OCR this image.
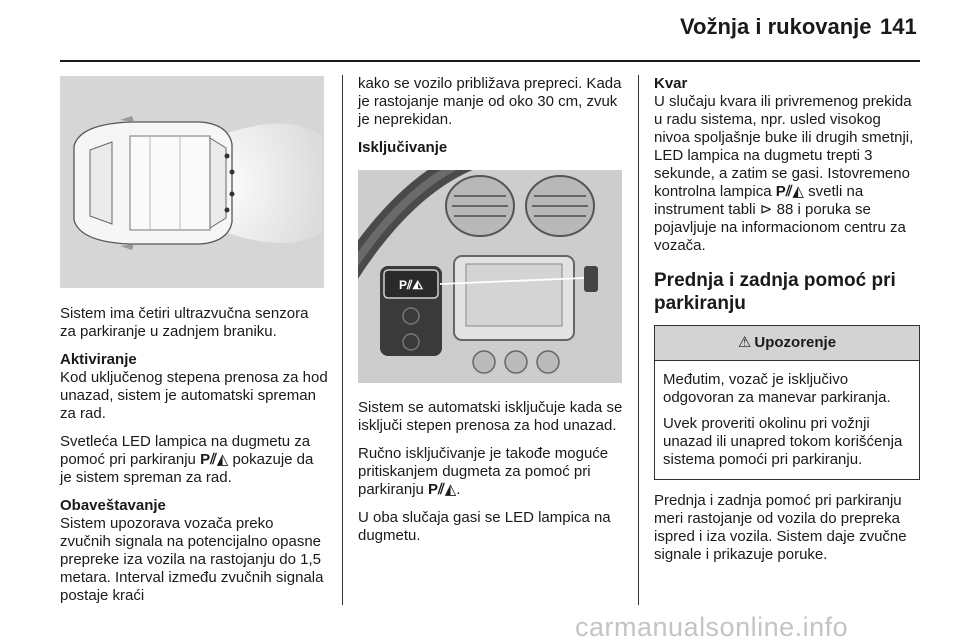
Vožnja i rukovanje 141

Sistem ima četiri ultrazvučna senzora za parkiranje u zadnjem braniku.

Aktiviranje

Kod uključenog stepena prenosa za hod unazad, sistem je automatski spreman za rad.

Svetleća LED lampica na dugmetu za pomoć pri parkiranju P⫽◭ pokazuje da je sistem spreman za rad.

Obaveštavanje

Sistem upozorava vozača preko zvučnih signala na potencijalno opasne prepreke iza vozila na rastojanju do 1,5 metara. Interval između zvučnih signala postaje kraći

kako se vozilo približava prepreci. Kada je rastojanje manje od oko 30 cm, zvuk je neprekidan.

Isključivanje
P⫽◭

Sistem se automatski isključuje kada se isključi stepen prenosa za hod unazad.

Ručno isključivanje je takođe moguće pritiskanjem dugmeta za pomoć pri parkiranju P⫽◭.

U oba slučaja gasi se LED lampica na dugmetu.

Kvar

U slučaju kvara ili privremenog prekida u radu sistema, npr. usled visokog nivoa spoljašnje buke ili drugih smetnji, LED lampica na dugmetu trepti 3 sekunde, a zatim se gasi. Istovremeno kontrolna lampica P⫽◭ svetli na instrument tabli ⊳ 88 i poruka se pojavljuje na informacionom centru za vozača.

Prednja i zadnja pomoć pri parkiranju
⚠ Upozorenje

Međutim, vozač je isključivo odgovoran za manevar parkiranja.

Uvek proveriti okolinu pri vožnji unazad ili unapred tokom korišćenja sistema pomoći pri parkiranju.

Prednja i zadnja pomoć pri parkiranju meri rastojanje od vozila do prepreka ispred i iza vozila. Sistem daje zvučne signale i prikazuje poruke.

carmanualsonline.info
